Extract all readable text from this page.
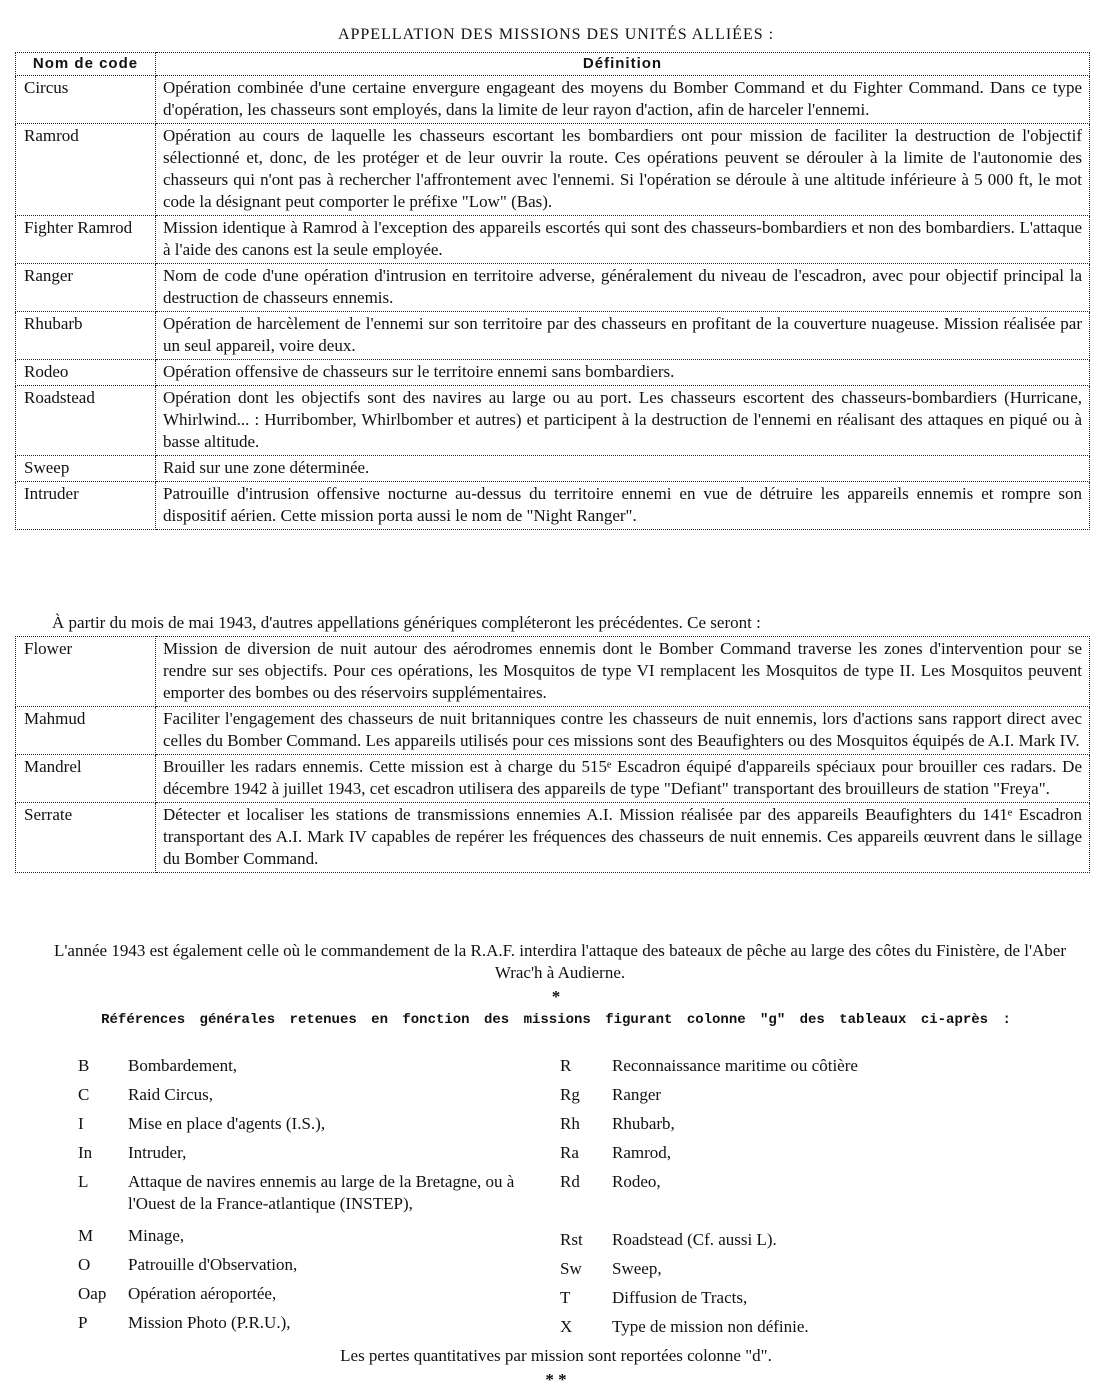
APPELLATION DES MISSIONS DES UNITÉS ALLIÉES :
Nom de code	Définition
Circus	Opération combinée d'une certaine envergure engageant des moyens du Bomber Command et du Fighter Command. Dans ce type d'opération, les chasseurs sont employés, dans la limite de leur rayon d'action, afin de harceler l'ennemi.
Ramrod	Opération au cours de laquelle les chasseurs escortant les bombardiers ont pour mission de faciliter la destruction de l'objectif sélectionné et, donc, de les protéger et de leur ouvrir la route. Ces opérations peuvent se dérouler à la limite de l'autonomie des chasseurs qui n'ont pas à rechercher l'affrontement avec l'ennemi. Si l'opération se déroule à une altitude inférieure à 5 000 ft, le mot code la désignant peut comporter le préfixe "Low" (Bas).
Fighter Ramrod	Mission identique à Ramrod à l'exception des appareils escortés qui sont des chasseurs-bombardiers et non des bombardiers. L'attaque à l'aide des canons est la seule employée.
Ranger	Nom de code d'une opération d'intrusion en territoire adverse, généralement du niveau de l'escadron, avec pour objectif principal la destruction de chasseurs ennemis.
Rhubarb	Opération de harcèlement de l'ennemi sur son territoire par des chasseurs en profitant de la couverture nuageuse. Mission réalisée par un seul appareil, voire deux.
Rodeo	Opération offensive de chasseurs sur le territoire ennemi sans bombardiers.
Roadstead	Opération dont les objectifs sont des navires au large ou au port. Les chasseurs escortent des chasseurs-bombardiers (Hurricane, Whirlwind... : Hurribomber, Whirlbomber et autres) et participent à la destruction de l'ennemi en réalisant des attaques en piqué ou à basse altitude.
Sweep	Raid sur une zone déterminée.
Intruder	Patrouille d'intrusion offensive nocturne au-dessus du territoire ennemi en vue de détruire les appareils ennemis et rompre son dispositif aérien. Cette mission porta aussi le nom de "Night Ranger".
À partir du mois de mai 1943, d'autres appellations génériques compléteront les précédentes. Ce seront :
Flower	Mission de diversion de nuit autour des aérodromes ennemis dont le Bomber Command traverse les zones d'intervention pour se rendre sur ses objectifs. Pour ces opérations, les Mosquitos de type VI remplacent les Mosquitos de type II. Les Mosquitos peuvent emporter des bombes ou des réservoirs supplémentaires.
Mahmud	Faciliter l'engagement des chasseurs de nuit britanniques contre les chasseurs de nuit ennemis, lors d'actions sans rapport direct avec celles du Bomber Command. Les appareils utilisés pour ces missions sont des Beaufighters ou des Mosquitos équipés de A.I. Mark IV.
Mandrel	Brouiller les radars ennemis. Cette mission est à charge du 515ᵉ Escadron équipé d'appareils spéciaux pour brouiller ces radars. De décembre 1942 à juillet 1943, cet escadron utilisera des appareils de type "Defiant" transportant des brouilleurs de station "Freya".
Serrate	Détecter et localiser les stations de transmissions ennemies A.I. Mission réalisée par des appareils Beaufighters du 141ᵉ Escadron transportant des A.I. Mark IV capables de repérer les fréquences des chasseurs de nuit ennemis. Ces appareils œuvrent dans le sillage du Bomber Command.
L'année 1943 est également celle où le commandement de la R.A.F. interdira l'attaque des bateaux de pêche au large des côtes du Finistère, de l'Aber Wrac'h à Audierne.
*
Références générales retenues en fonction des missions figurant colonne "g" des tableaux ci-après :
B	Bombardement,
C	Raid Circus,
I	Mise en place d'agents (I.S.),
In	Intruder,
L	Attaque de navires ennemis au large de la Bretagne, ou à l'Ouest de la France-atlantique (INSTEP),
M	Minage,
O	Patrouille d'Observation,
Oap	Opération aéroportée,
P	Mission Photo (P.R.U.),
R	Reconnaissance maritime ou côtière
Rg	Ranger
Rh	Rhubarb,
Ra	Ramrod,
Rd	Rodeo,
Rst	Roadstead (Cf. aussi L).
Sw	Sweep,
T	Diffusion de Tracts,
X	Type de mission non définie.
Les pertes quantitatives par mission sont reportées colonne "d".
* *
